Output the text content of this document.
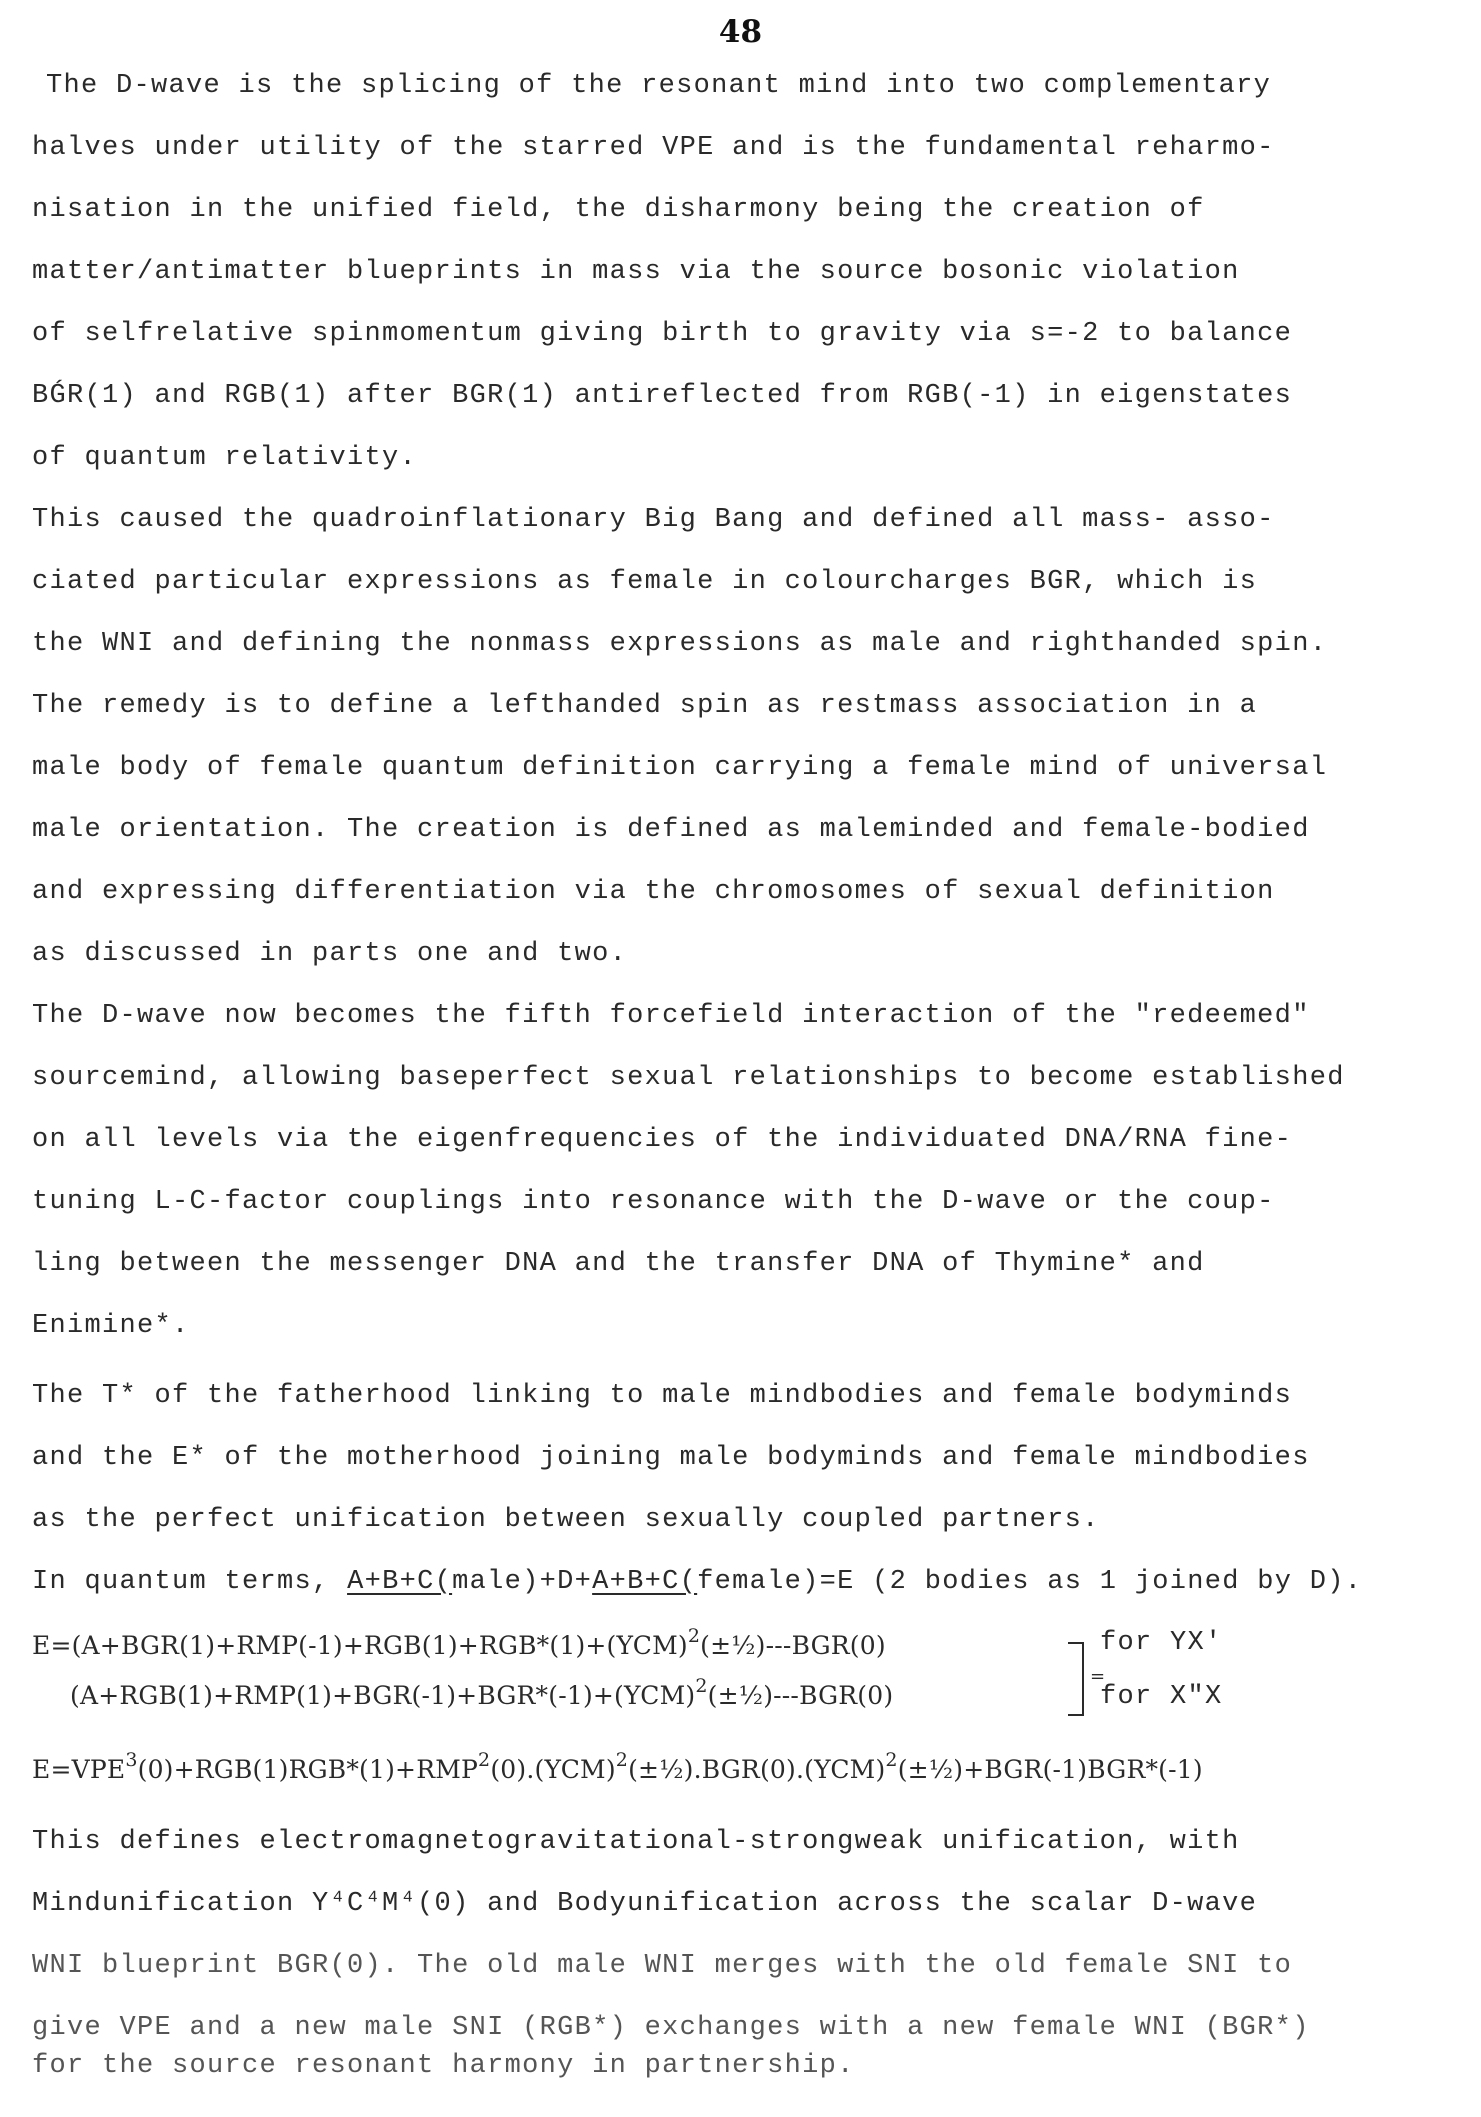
48
The D-wave is the splicing of the resonant mind into two complementary
halves under utility of the starred VPE and is the fundamental reharmo-
nisation in the unified field, the disharmony being the creation of
matter/antimatter blueprints in mass via the source bosonic violation
of selfrelative spinmomentum giving birth to gravity via s=-2 to balance
BǴR(1) and RGB(1) after BGR(1) antireflected from RGB(-1) in eigenstates
of quantum relativity.
This caused the quadroinflationary Big Bang and defined all mass- asso-
ciated particular expressions as female in colourcharges BGR, which is
the WNI and defining the nonmass expressions as male and righthanded spin.
The remedy is to define a lefthanded spin as restmass association in a
male body of female quantum definition carrying a female mind of universal
male orientation. The creation is defined as maleminded and female-bodied
and expressing differentiation via the chromosomes of sexual definition
as discussed in parts one and two.
The D-wave now becomes the fifth forcefield interaction of the "redeemed"
sourcemind, allowing baseperfect sexual relationships to become established
on all levels via the eigenfrequencies of the individuated DNA/RNA fine-
tuning L-C-factor couplings into resonance with the D-wave or the coup-
ling between the messenger DNA and the transfer DNA of Thymine* and
Enimine*.
The T* of the fatherhood linking to male mindbodies and female bodyminds
and the E* of the motherhood joining male bodyminds and female mindbodies
as the perfect unification between sexually coupled partners.
In quantum terms, A+B+C(male)+D+A+B+C(female)=E (2 bodies as 1 joined by D).
E=(A+BGR(1)+RMP(-1)+RGB(1)+RGB*(1)+(YCM)$^2$(±½)---BGR(0)	for YX'
(A+RGB(1)+RMP(1)+BGR(-1)+BGR*(-1)+(YCM)$^2$(±½)---BGR(0)	for X"X
=
$E=VPE^3(0)+RGB(1)RGB*(1)+RMP^2(0).(YCM)^2(\pm\frac{1}{2}).BGR(0).(YCM)^2(\pm\frac{1}{2})+BGR(-1)BGR*(-1)$
This defines electromagnetogravitational-strongweak unification, with
Mindunification Y⁴C⁴M⁴(0) and Bodyunification across the scalar D-wave
WNI blueprint BGR(0). The old male WNI merges with the old female SNI to
give VPE and a new male SNI (RGB*) exchanges with a new female WNI (BGR*)
for the source resonant harmony in partnership.
